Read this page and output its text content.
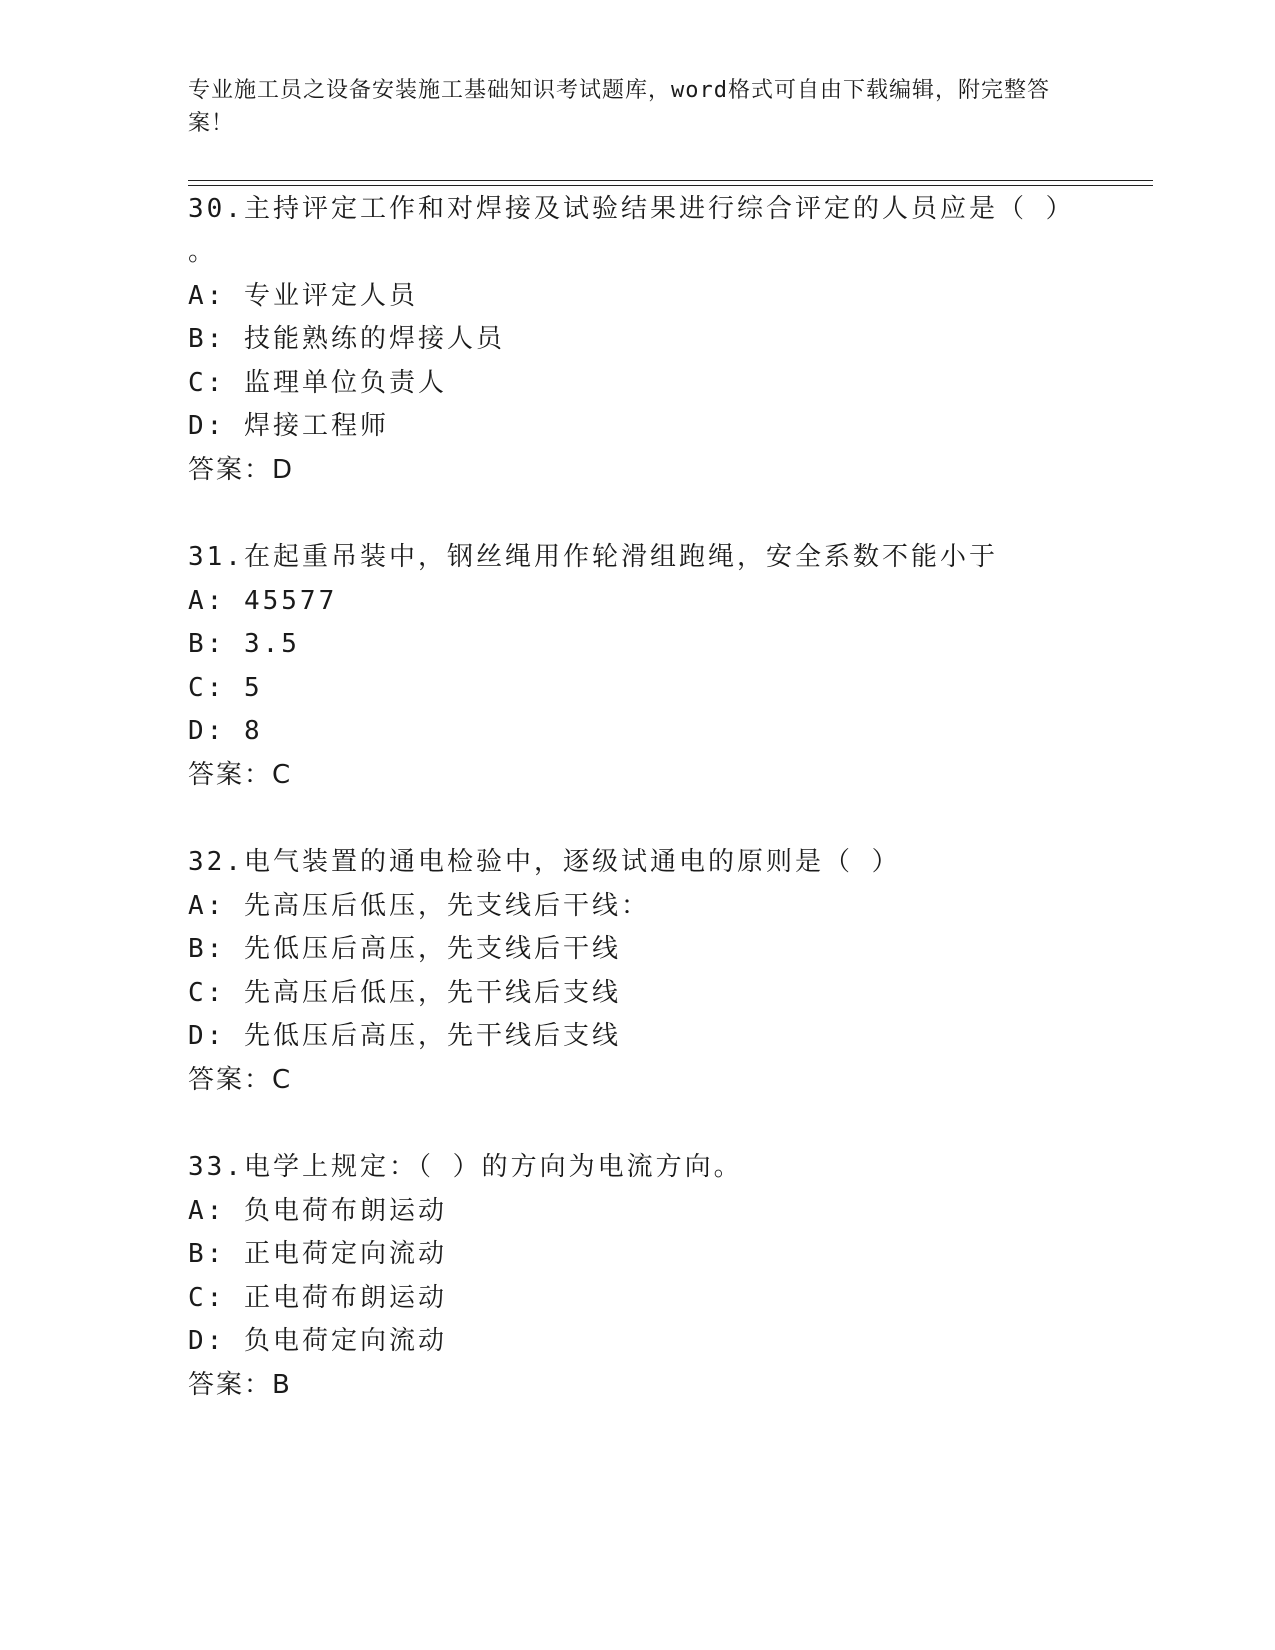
专业施工员之设备安装施工基础知识考试题库，word格式可自由下载编辑，附完整答案！
30.主持评定工作和对焊接及试验结果进行综合评定的人员应是（ ）
。
A: 专业评定人员
B: 技能熟练的焊接人员
C: 监理单位负责人
D: 焊接工程师
答案：D
31.在起重吊装中，钢丝绳用作轮滑组跑绳，安全系数不能小于
A: 45577
B: 3.5
C: 5
D: 8
答案：C
32.电气装置的通电检验中，逐级试通电的原则是（ ）
A: 先高压后低压，先支线后干线：
B: 先低压后高压，先支线后干线
C: 先高压后低压，先干线后支线
D: 先低压后高压，先干线后支线
答案：C
33.电学上规定：（ ）的方向为电流方向。
A: 负电荷布朗运动
B: 正电荷定向流动
C: 正电荷布朗运动
D: 负电荷定向流动
答案：B
